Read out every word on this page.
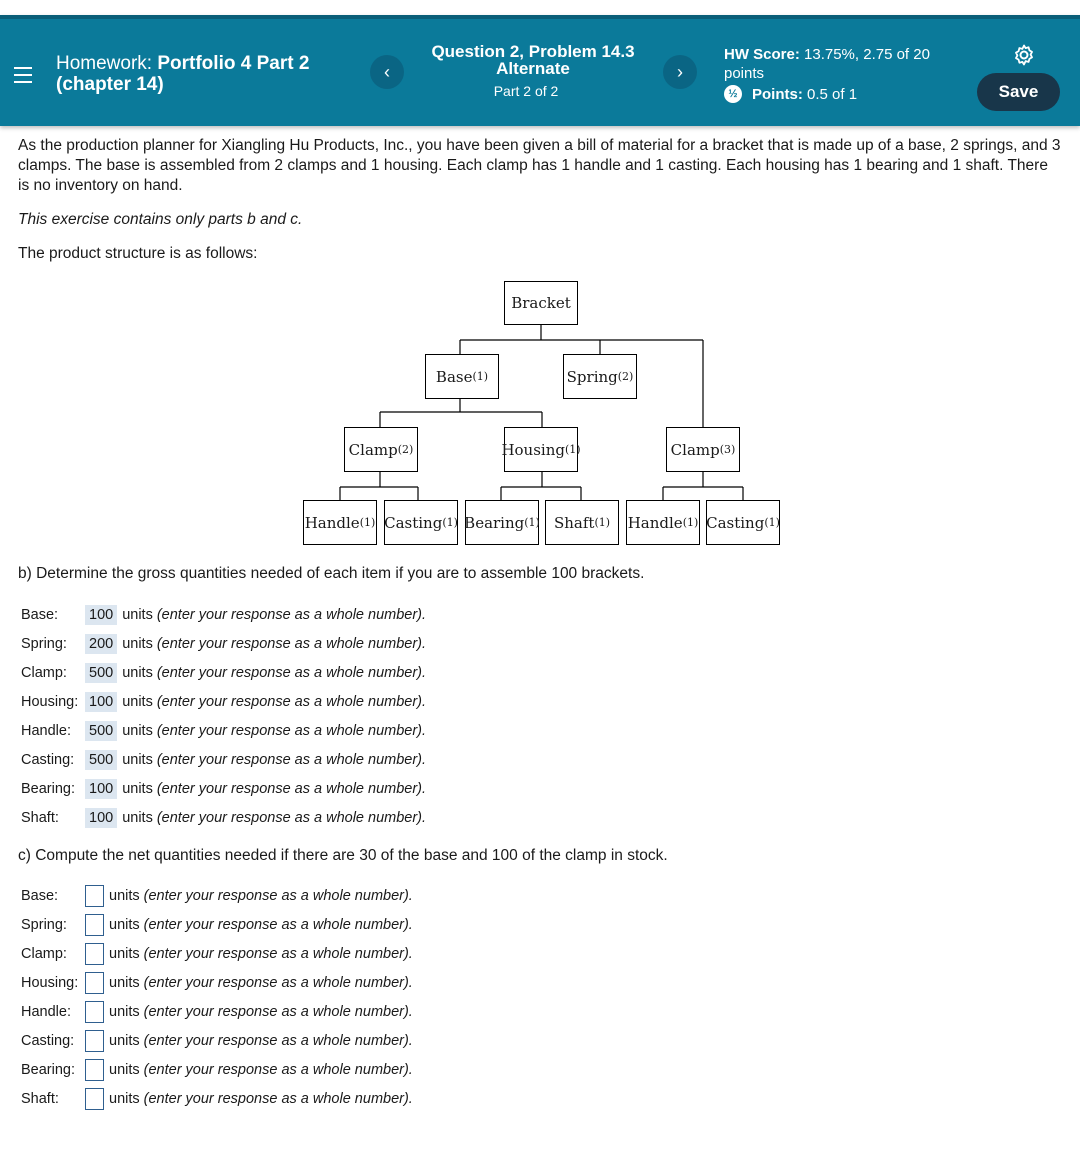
Homework: Portfolio 4 Part 2 (chapter 14)
‹
Question 2, Problem 14.3 Alternate
Part 2 of 2
›
HW Score: 13.75%, 2.75 of 20 points
½ Points:
0.5 of 1	Save

As the production planner for Xiangling Hu Products, Inc., you have been given a bill of material for a bracket that is made up of a base, 2 springs, and 3 clamps. The base is assembled from 2 clamps and 1 housing. Each clamp has 1 handle and 1 casting. Each housing has 1 bearing and 1 shaft. There is no inventory on hand.

This exercise contains only parts b and c.

The product structure is as follows:

Bracket
Base (1)	Spring (2)
Clamp (2)	Housing (1)	Clamp (3)
Handle (1) Casting (1) Bearing (1) Shaft (1) Handle (1) Casting (1)
b) Determine the gross quantities needed of each item if you are to assemble 100 brackets.
Base:	100 units (enter your response as a whole number).
Spring:	200 units (enter your response as a whole number).
Clamp:	500 units (enter your response as a whole number).
Housing: 100 units (enter your response as a whole number).
Handle:	500 units (enter your response as a whole number).
Casting:	500 units (enter your response as a whole number).
Bearing: 100 units (enter your response as a whole number).
Shaft:	100 units (enter your response as a whole number).
c) Compute the net quantities needed if there are 30 of the base and 100 of the clamp in stock.
Base:	units (enter your response as a whole number).
Spring:	units (enter your response as a whole number).
Clamp:	units (enter your response as a whole number).
Housing:	units (enter your response as a whole number).
Handle:	units (enter your response as a whole number).
Casting:	units (enter your response as a whole number).
Bearing:	units (enter your response as a whole number).
Shaft:	units (enter your response as a whole number).
